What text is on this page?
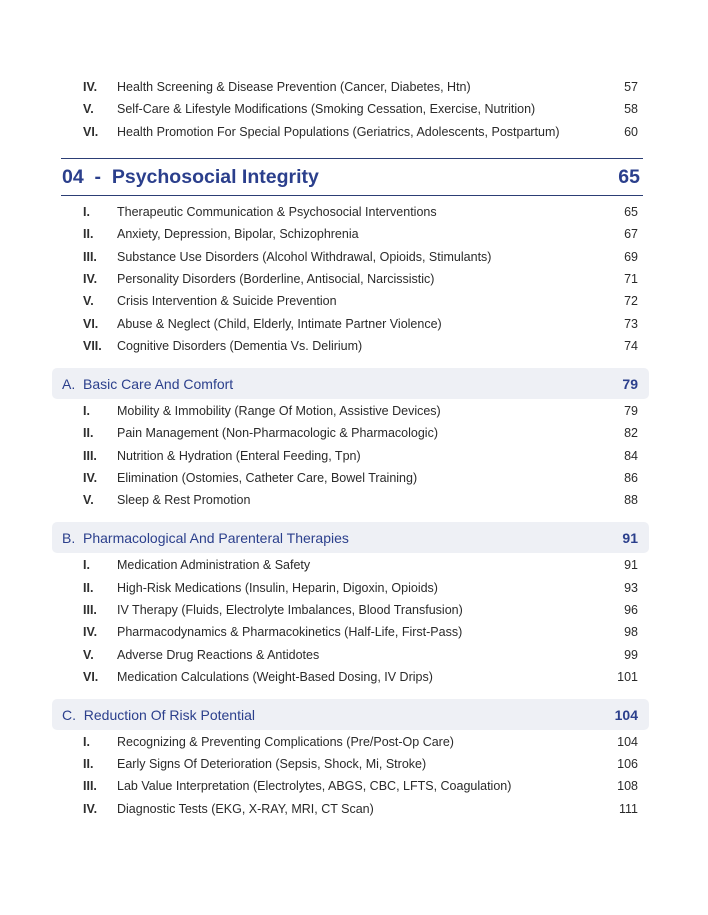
IV.	Health Screening & Disease Prevention (Cancer, Diabetes, Htn)	57
V.	Self-Care & Lifestyle Modifications (Smoking Cessation, Exercise, Nutrition)	58
VI.	Health Promotion For Special Populations (Geriatrics, Adolescents, Postpartum)	60
04  -  Psychosocial Integrity	65
I.	Therapeutic Communication & Psychosocial Interventions	65
II.	Anxiety, Depression, Bipolar, Schizophrenia	67
III.	Substance Use Disorders (Alcohol Withdrawal, Opioids, Stimulants)	69
IV.	Personality Disorders (Borderline, Antisocial, Narcissistic)	71
V.	Crisis Intervention & Suicide Prevention	72
VI.	Abuse & Neglect (Child, Elderly, Intimate Partner Violence)	73
VII.	Cognitive Disorders (Dementia Vs. Delirium)	74
A.  Basic Care And Comfort	79
I.	Mobility & Immobility (Range Of Motion, Assistive Devices)	79
II.	Pain Management (Non-Pharmacologic & Pharmacologic)	82
III.	Nutrition & Hydration (Enteral Feeding, Tpn)	84
IV.	Elimination (Ostomies, Catheter Care, Bowel Training)	86
V.	Sleep & Rest Promotion	88
B.  Pharmacological And Parenteral Therapies	91
I.	Medication Administration & Safety	91
II.	High-Risk Medications (Insulin, Heparin, Digoxin, Opioids)	93
III.	IV Therapy (Fluids, Electrolyte Imbalances, Blood Transfusion)	96
IV.	Pharmacodynamics & Pharmacokinetics (Half-Life, First-Pass)	98
V.	Adverse Drug Reactions & Antidotes	99
VI.	Medication Calculations (Weight-Based Dosing, IV Drips)	101
C.  Reduction Of Risk Potential	104
I.	Recognizing & Preventing Complications (Pre/Post-Op Care)	104
II.	Early Signs Of Deterioration (Sepsis, Shock, Mi, Stroke)	106
III.	Lab Value Interpretation (Electrolytes, ABGS, CBC, LFTS, Coagulation)	108
IV.	Diagnostic Tests (EKG, X-RAY, MRI, CT Scan)	111
